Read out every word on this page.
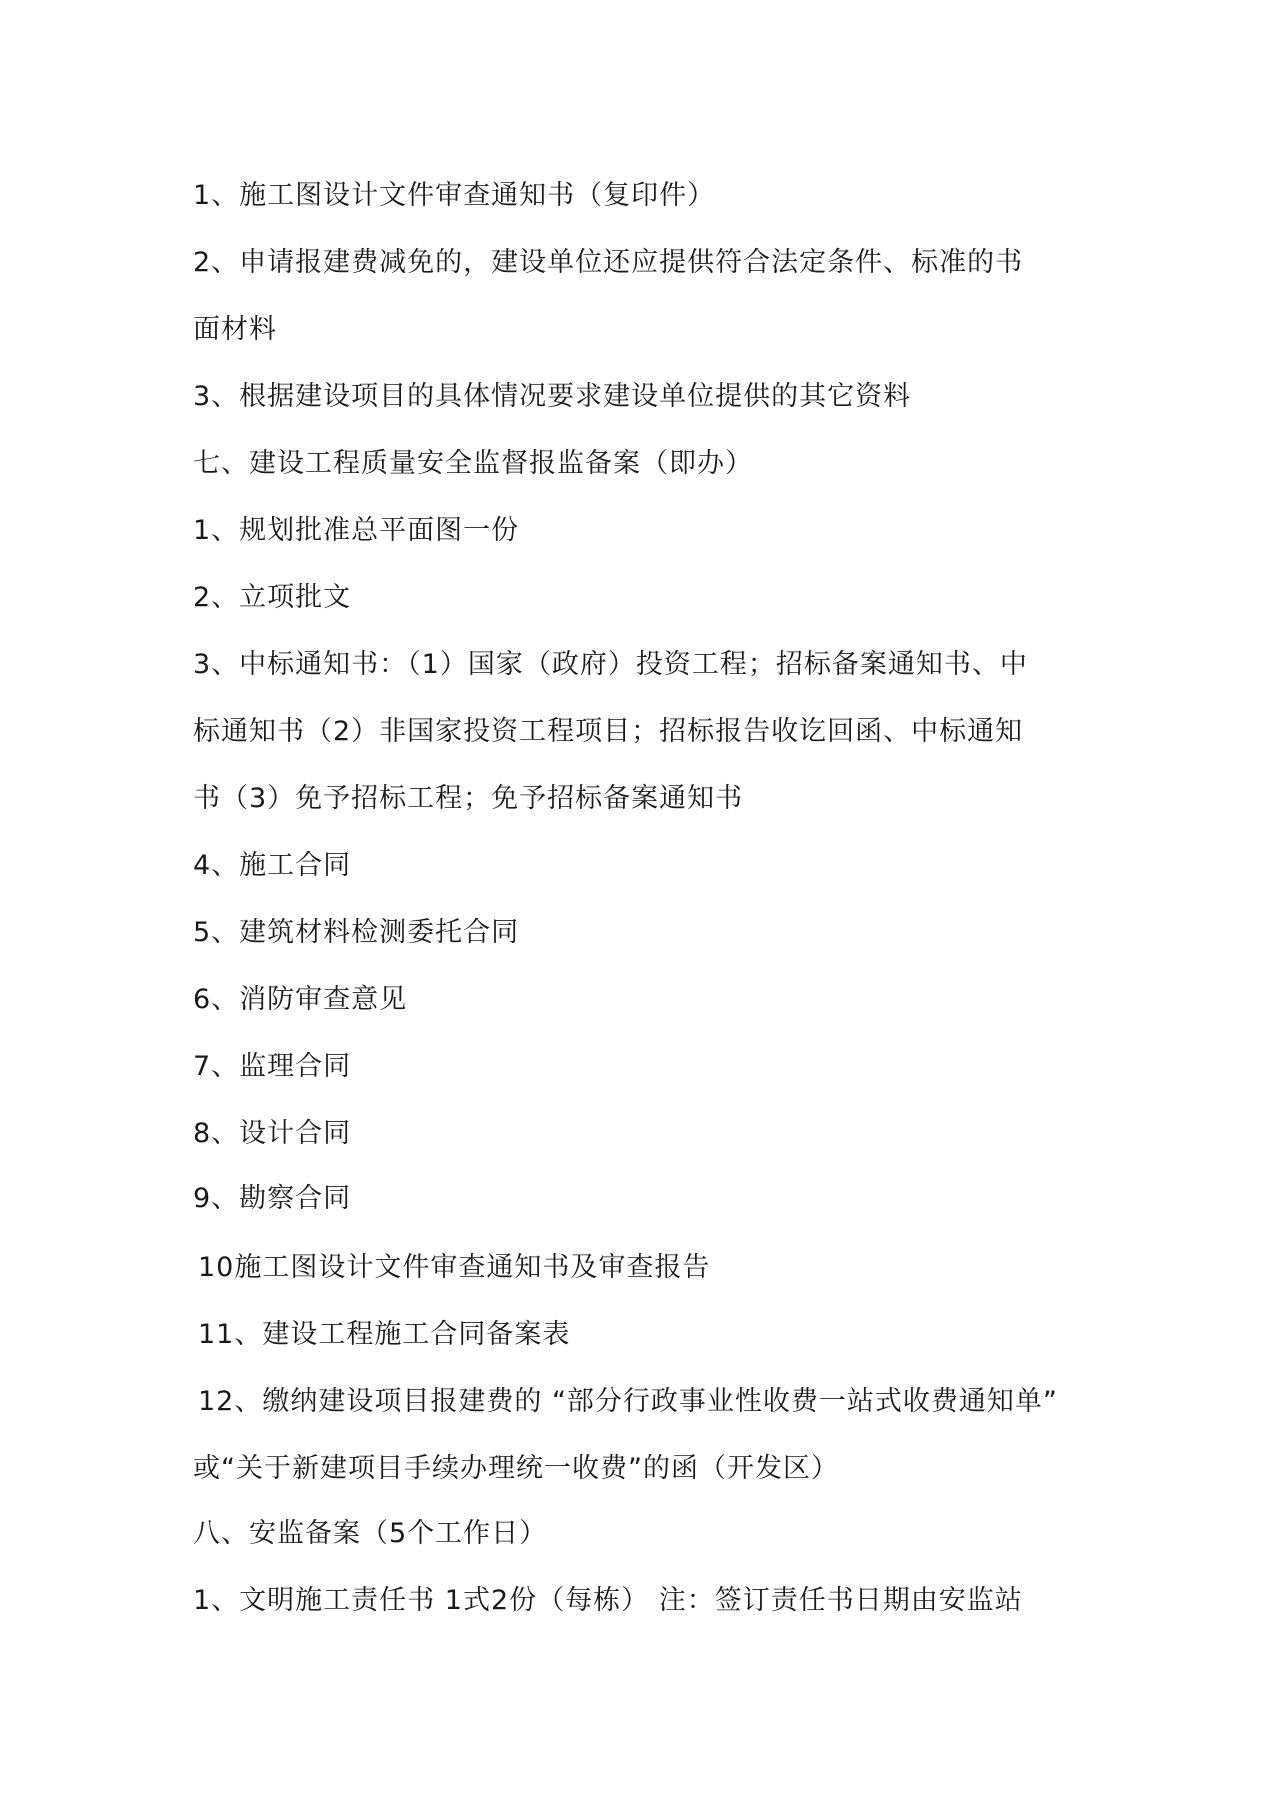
1、施工图设计文件审查通知书（复印件）
2、申请报建费减免的，建设单位还应提供符合法定条件、标准的书
面材料
3、根据建设项目的具体情况要求建设单位提供的其它资料
七、建设工程质量安全监督报监备案（即办）
1、规划批准总平面图一份
2、立项批文
3、中标通知书：（1）国家（政府）投资工程；招标备案通知书、中
标通知书（2）非国家投资工程项目；招标报告收讫回函、中标通知
书（3）免予招标工程；免予招标备案通知书
4、施工合同
5、建筑材料检测委托合同
6、消防审查意见
7、监理合同
8、设计合同
9、勘察合同
10施工图设计文件审查通知书及审查报告
11、建设工程施工合同备案表
12、缴纳建设项目报建费的 “部分行政事业性收费一站式收费通知单”
或“关于新建项目手续办理统一收费”的函（开发区）
八、安监备案（5个工作日）
1、文明施工责任书 1式2份（每栋） 注：签订责任书日期由安监站
